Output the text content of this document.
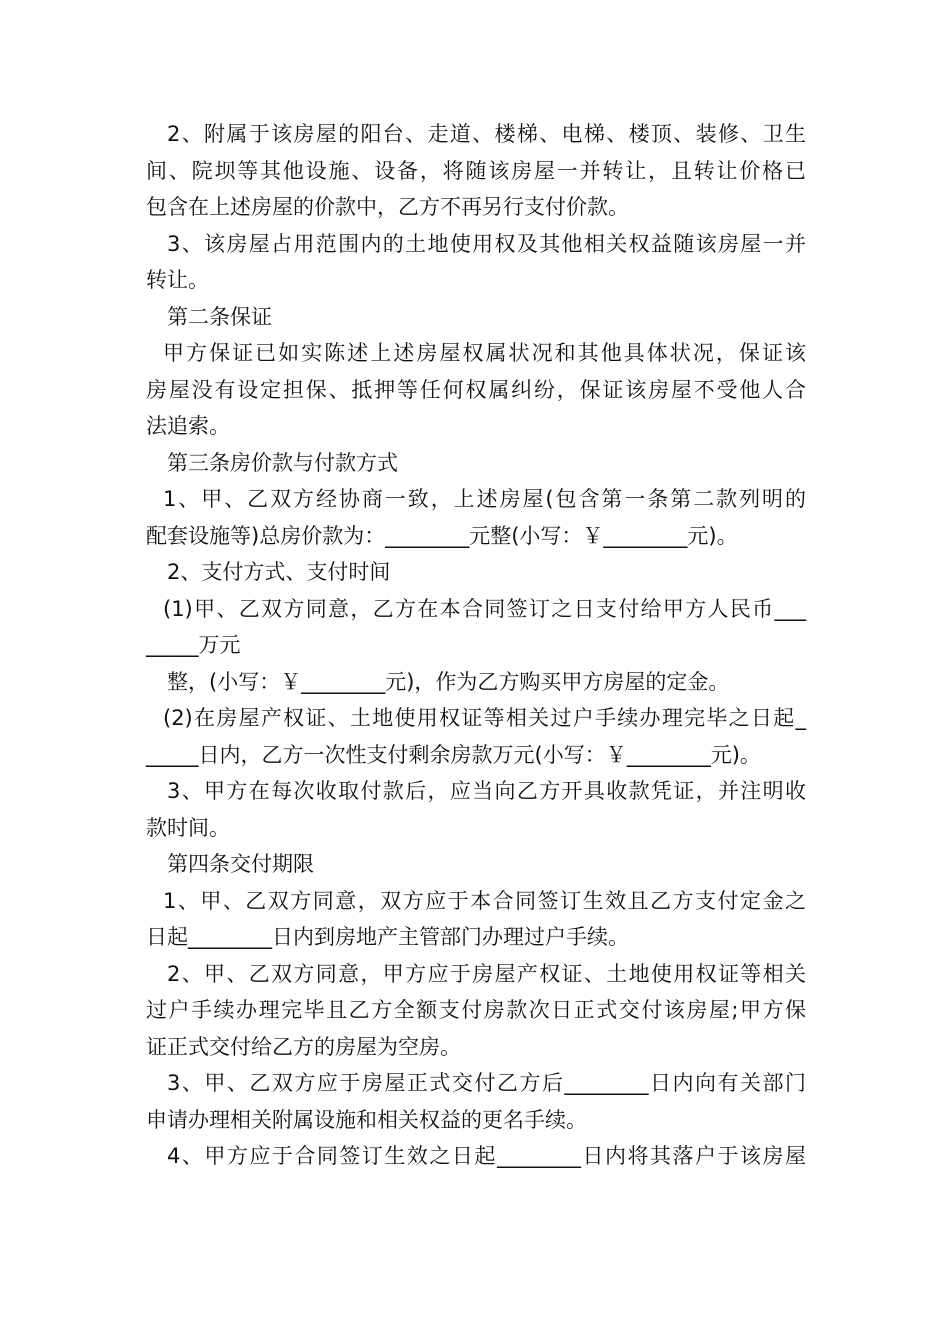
2、附属于该房屋的阳台、走道、楼梯、电梯、楼顶、装修、卫生

间、院坝等其他设施、设备，将随该房屋一并转让，且转让价格已

包含在上述房屋的价款中，乙方不再另行支付价款。

3、该房屋占用范围内的土地使用权及其他相关权益随该房屋一并

转让。

第二条保证

甲方保证已如实陈述上述房屋权属状况和其他具体状况，保证该

房屋没有设定担保、抵押等任何权属纠纷，保证该房屋不受他人合

法追索。

第三条房价款与付款方式

1、甲、乙双方经协商一致，上述房屋(包含第一条第二款列明的

配套设施等)总房价款为：________元整(小写：￥________元)。

2、支付方式、支付时间

(1)甲、乙双方同意，乙方在本合同签订之日支付给甲方人民币___

_____万元

整，(小写：￥________元)，作为乙方购买甲方房屋的定金。

(2)在房屋产权证、土地使用权证等相关过户手续办理完毕之日起_

_____日内，乙方一次性支付剩余房款万元(小写：￥________元)。

3、甲方在每次收取付款后，应当向乙方开具收款凭证，并注明收

款时间。

第四条交付期限

1、甲、乙双方同意，双方应于本合同签订生效且乙方支付定金之

日起________日内到房地产主管部门办理过户手续。

2、甲、乙双方同意，甲方应于房屋产权证、土地使用权证等相关

过户手续办理完毕且乙方全额支付房款次日正式交付该房屋;甲方保

证正式交付给乙方的房屋为空房。

3、甲、乙双方应于房屋正式交付乙方后________日内向有关部门

申请办理相关附属设施和相关权益的更名手续。

4、甲方应于合同签订生效之日起________日内将其落户于该房屋
